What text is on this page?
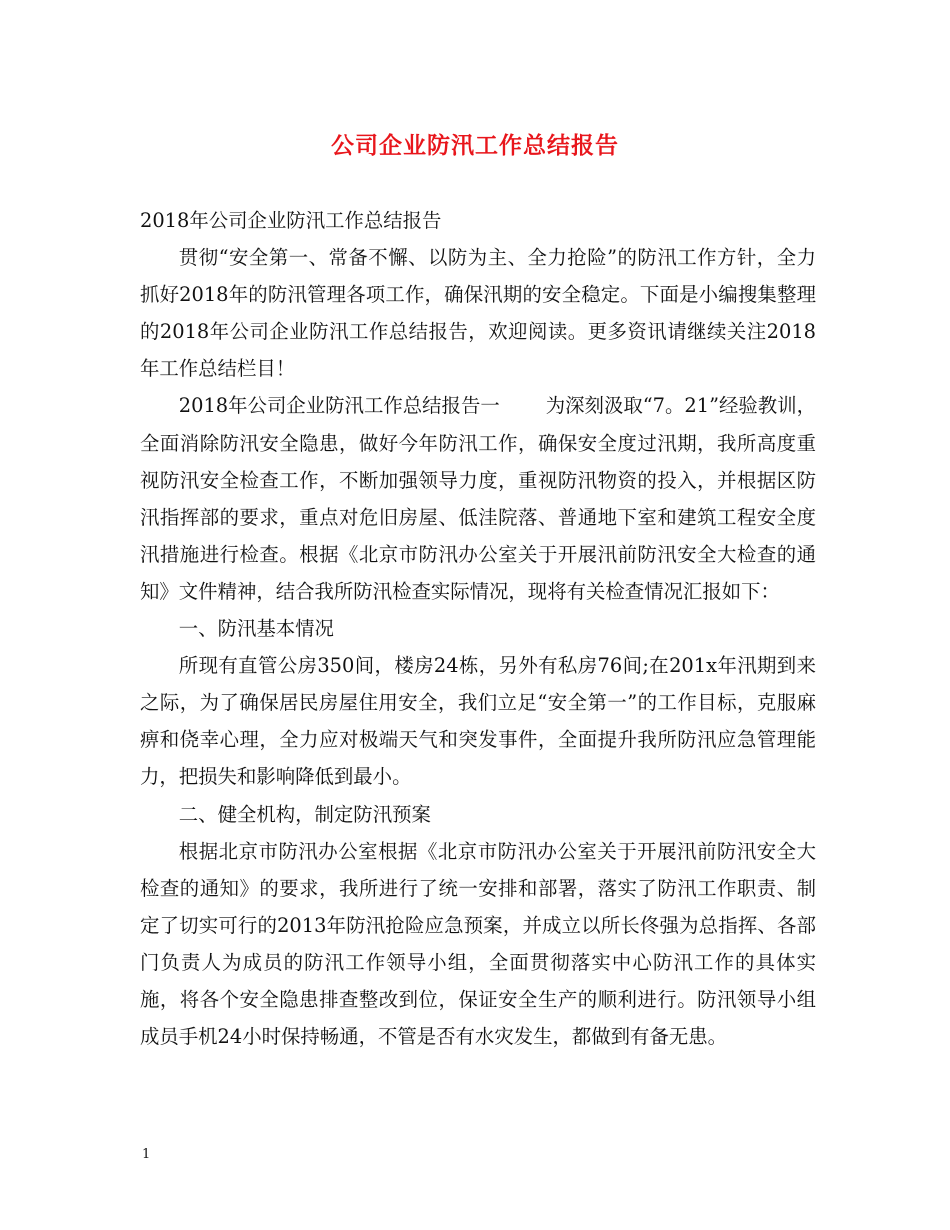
公司企业防汛工作总结报告

2018年公司企业防汛工作总结报告

贯彻“安全第一、常备不懈、以防为主、全力抢险”的防汛工作方针，全力抓好2018年的防汛管理各项工作，确保汛期的安全稳定。下面是小编搜集整理的2018年公司企业防汛工作总结报告，欢迎阅读。更多资讯请继续关注2018年工作总结栏目！

2018年公司企业防汛工作总结报告一 为深刻汲取“7。21”经验教训，全面消除防汛安全隐患，做好今年防汛工作，确保安全度过汛期，我所高度重视防汛安全检查工作，不断加强领导力度，重视防汛物资的投入，并根据区防汛指挥部的要求，重点对危旧房屋、低洼院落、普通地下室和建筑工程安全度汛措施进行检查。根据《北京市防汛办公室关于开展汛前防汛安全大检查的通知》文件精神，结合我所防汛检查实际情况，现将有关检查情况汇报如下：

一、防汛基本情况

所现有直管公房350间，楼房24栋，另外有私房76间;在201x年汛期到来之际，为了确保居民房屋住用安全，我们立足“安全第一”的工作目标，克服麻痹和侥幸心理，全力应对极端天气和突发事件，全面提升我所防汛应急管理能力，把损失和影响降低到最小。

二、健全机构，制定防汛预案

根据北京市防汛办公室根据《北京市防汛办公室关于开展汛前防汛安全大检查的通知》的要求，我所进行了统一安排和部署，落实了防汛工作职责、制定了切实可行的2013年防汛抢险应急预案，并成立以所长佟强为总指挥、各部门负责人为成员的防汛工作领导小组，全面贯彻落实中心防汛工作的具体实施，将各个安全隐患排查整改到位，保证安全生产的顺利进行。防汛领导小组成员手机24小时保持畅通，不管是否有水灾发生，都做到有备无患。

1
